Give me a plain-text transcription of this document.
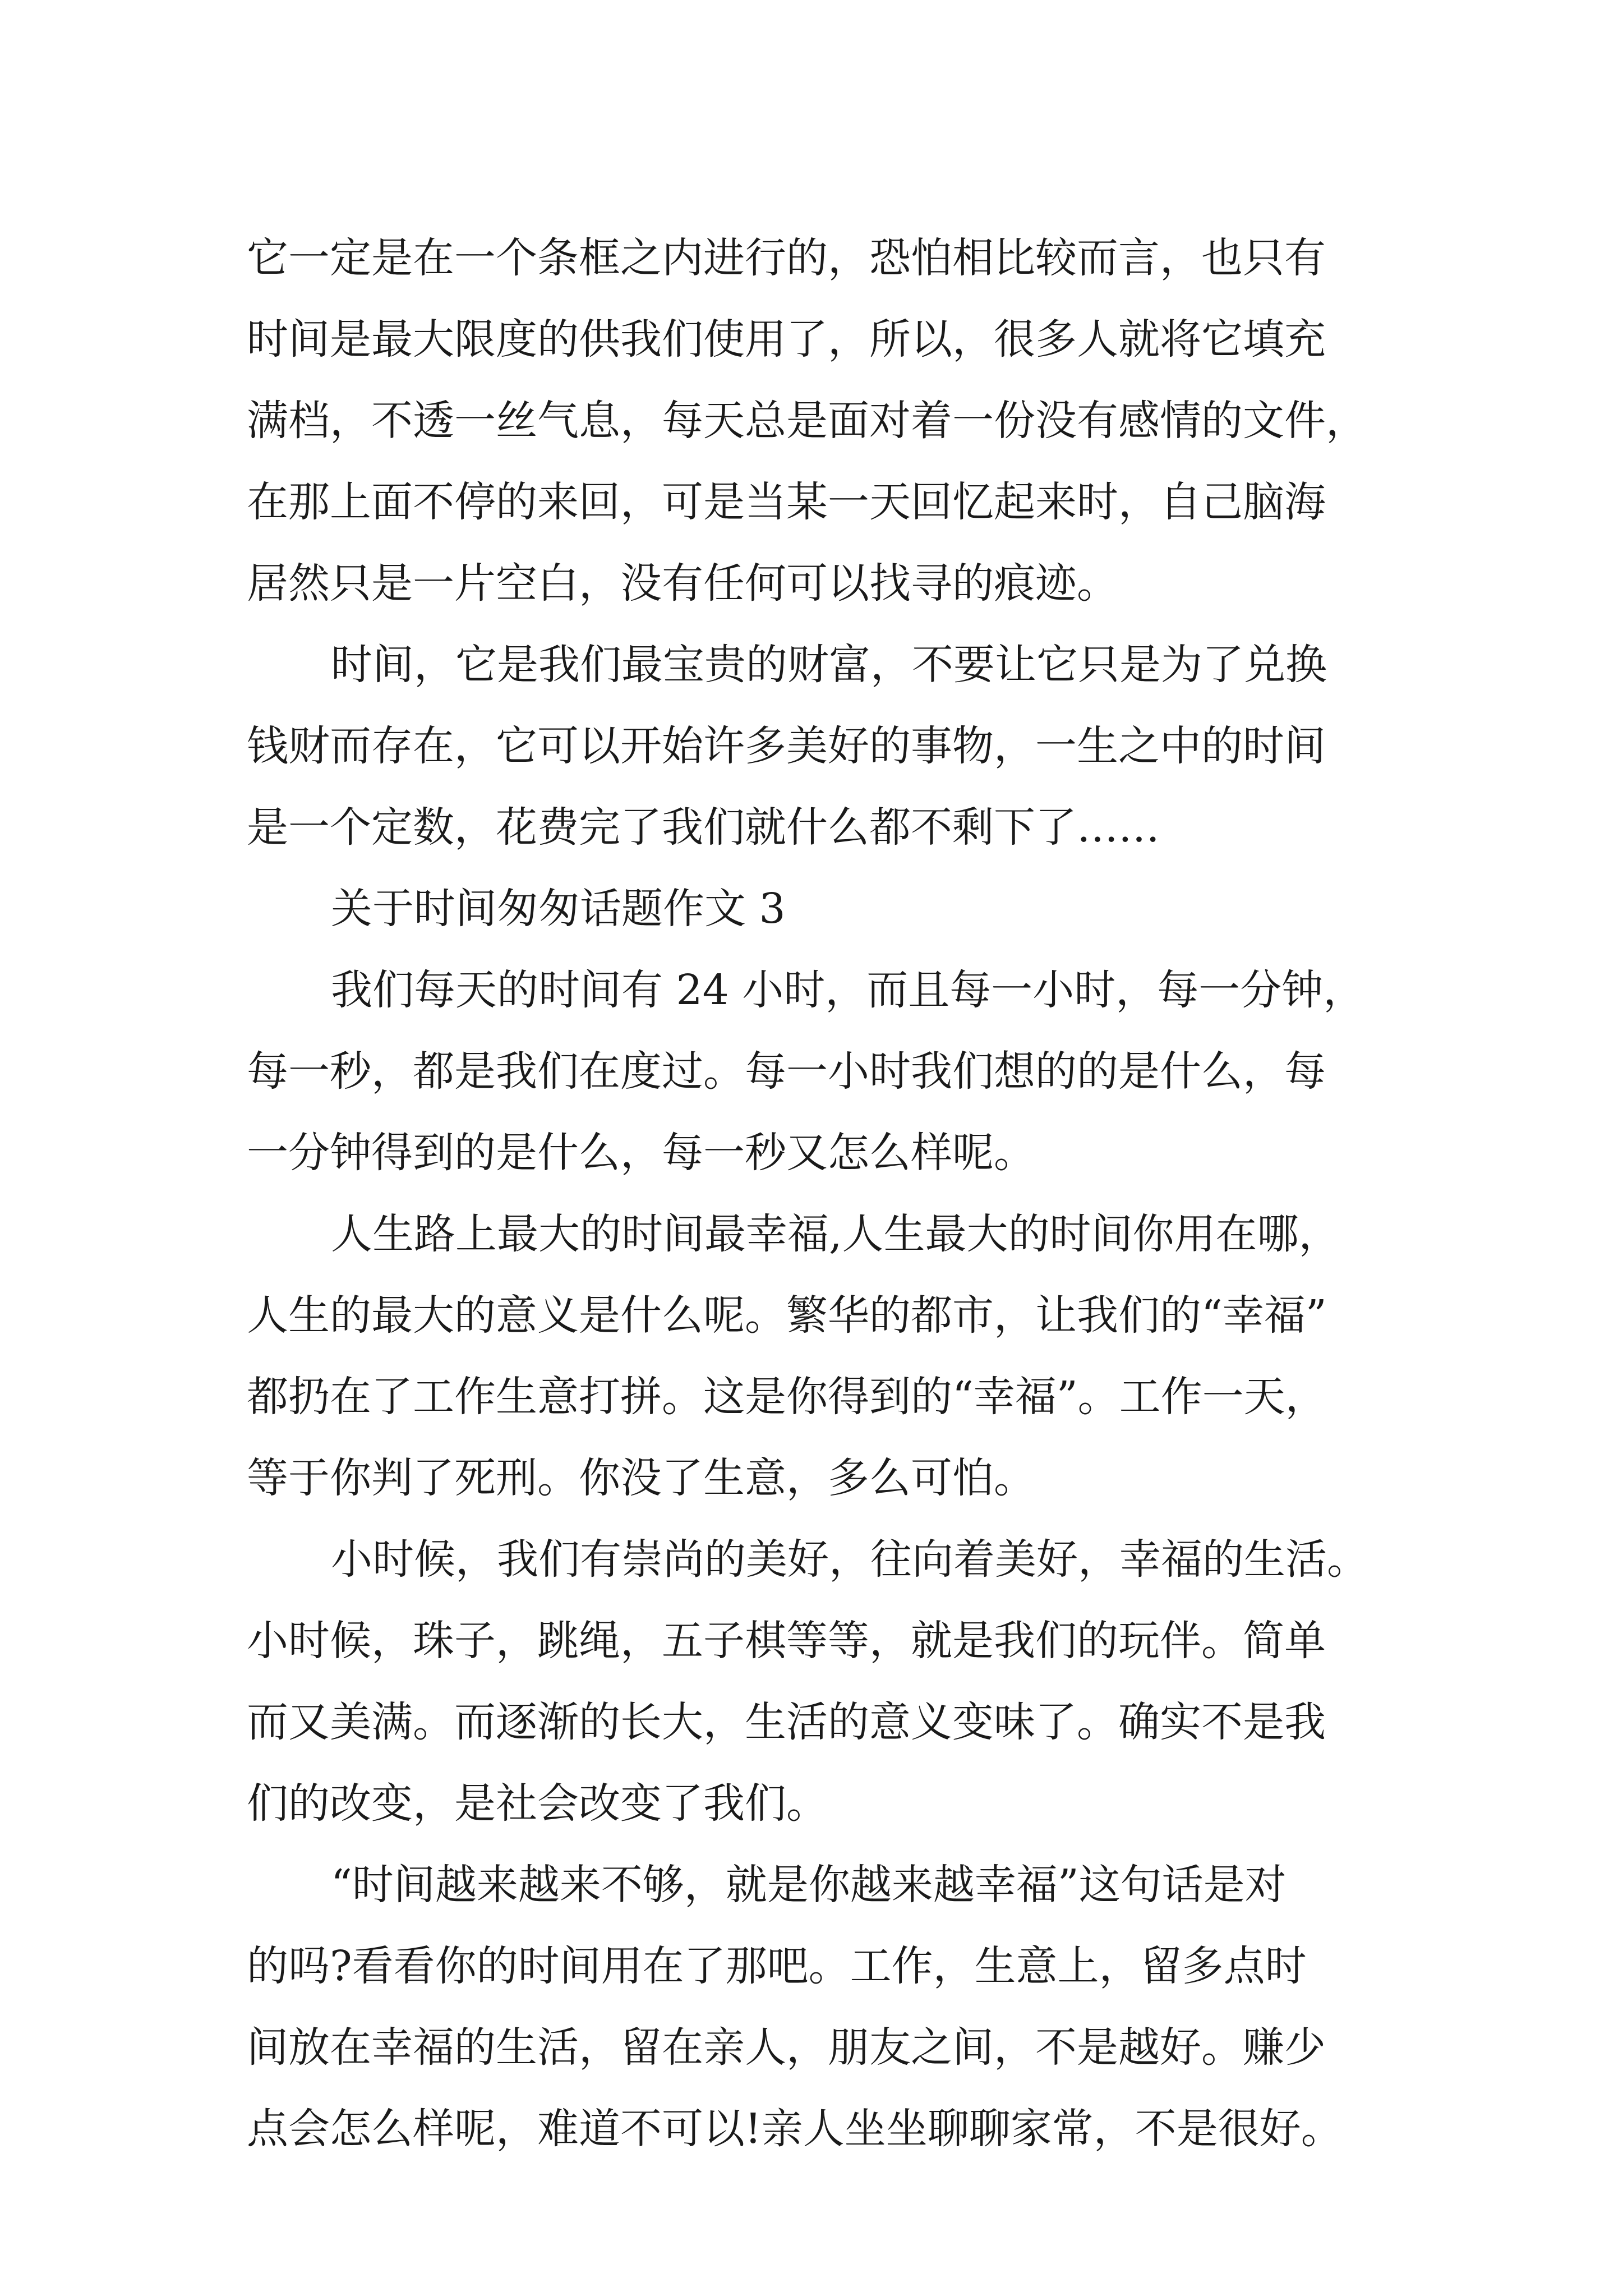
它一定是在一个条框之内进行的，恐怕相比较而言，也只有
时间是最大限度的供我们使用了，所以，很多人就将它填充
满档，不透一丝气息，每天总是面对着一份没有感情的文件，
在那上面不停的来回，可是当某一天回忆起来时，自己脑海
居然只是一片空白，没有任何可以找寻的痕迹。
时间，它是我们最宝贵的财富，不要让它只是为了兑换
钱财而存在，它可以开始许多美好的事物，一生之中的时间
是一个定数，花费完了我们就什么都不剩下了……
关于时间匆匆话题作文 3
我们每天的时间有 24 小时，而且每一小时，每一分钟，
每一秒，都是我们在度过。每一小时我们想的的是什么，每
一分钟得到的是什么，每一秒又怎么样呢。
人生路上最大的时间最幸福,人生最大的时间你用在哪，
人生的最大的意义是什么呢。繁华的都市，让我们的“幸福”
都扔在了工作生意打拼。这是你得到的“幸福”。工作一天，
等于你判了死刑。你没了生意，多么可怕。
小时候，我们有崇尚的美好，往向着美好，幸福的生活。
小时候，珠子，跳绳，五子棋等等，就是我们的玩伴。简单
而又美满。而逐渐的长大，生活的意义变味了。确实不是我
们的改变，是社会改变了我们。
“时间越来越来不够，就是你越来越幸福”这句话是对
的吗?看看你的时间用在了那吧。工作，生意上，留多点时
间放在幸福的生活，留在亲人，朋友之间，不是越好。赚少
点会怎么样呢，难道不可以!亲人坐坐聊聊家常，不是很好。
